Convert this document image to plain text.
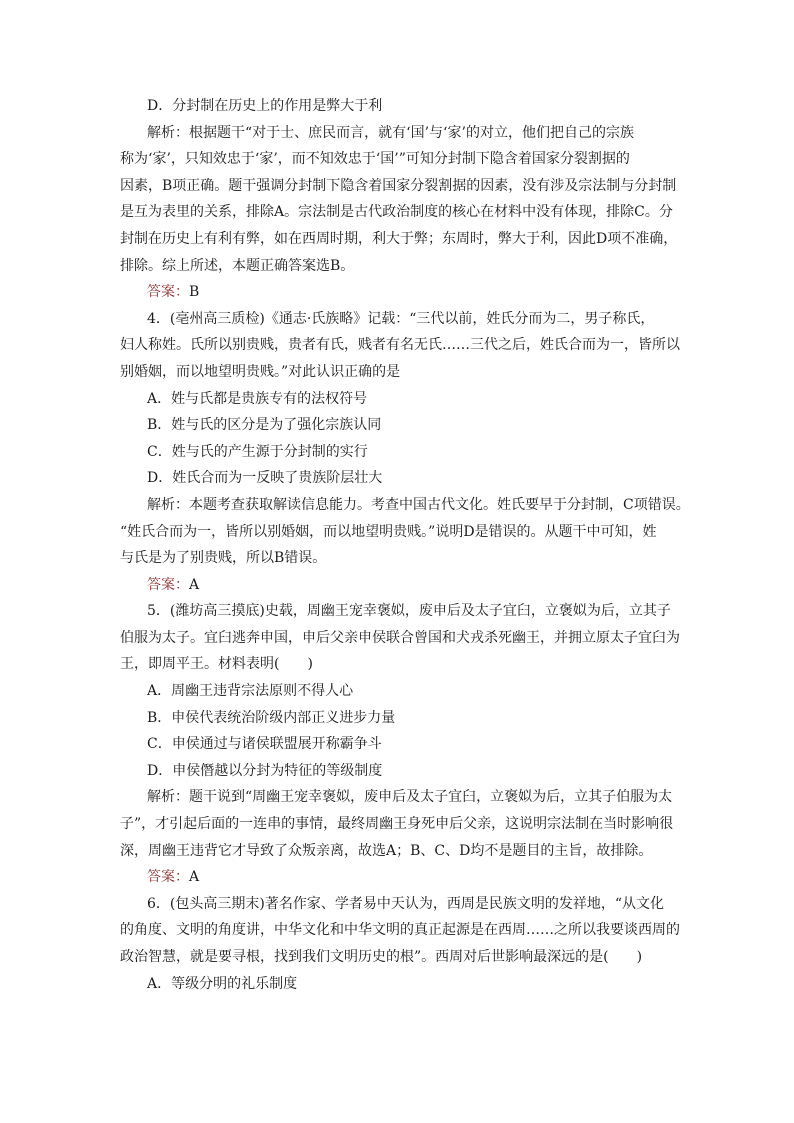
D．分封制在历史上的作用是弊大于利
解析：根据题干“对于士、庶民而言，就有‘国’与‘家’的对立，他们把自己的宗族
称为‘家’，只知效忠于‘家’，而不知效忠于‘国’”可知分封制下隐含着国家分裂割据的
因素，B项正确。题干强调分封制下隐含着国家分裂割据的因素，没有涉及宗法制与分封制
是互为表里的关系，排除A。宗法制是古代政治制度的核心在材料中没有体现，排除C。分
封制在历史上有利有弊，如在西周时期，利大于弊；东周时，弊大于利，因此D项不准确，
排除。综上所述，本题正确答案选B。
答案：B
4．(亳州高三质检)《通志·氏族略》记载：“三代以前，姓氏分而为二，男子称氏，
妇人称姓。氏所以别贵贱，贵者有氏，贱者有名无氏……三代之后，姓氏合而为一，皆所以
别婚姻，而以地望明贵贱。”对此认识正确的是
A．姓与氏都是贵族专有的法权符号
B．姓与氏的区分是为了强化宗族认同
C．姓与氏的产生源于分封制的实行
D．姓氏合而为一反映了贵族阶层壮大
解析：本题考查获取解读信息能力。考查中国古代文化。姓氏要早于分封制，C项错误。
“姓氏合而为一，皆所以别婚姻，而以地望明贵贱。”说明D是错误的。从题干中可知，姓
与氏是为了别贵贱，所以B错误。
答案：A
5．(潍坊高三摸底)史载，周幽王宠幸褒姒，废申后及太子宜臼，立褒姒为后，立其子
伯服为太子。宜臼逃奔申国，申后父亲申侯联合曾国和犬戎杀死幽王，并拥立原太子宜臼为
王，即周平王。材料表明(　　)
A．周幽王违背宗法原则不得人心
B．申侯代表统治阶级内部正义进步力量
C．申侯通过与诸侯联盟展开称霸争斗
D．申侯僭越以分封为特征的等级制度
解析：题干说到“周幽王宠幸褒姒，废申后及太子宜臼，立褒姒为后，立其子伯服为太
子”，才引起后面的一连串的事情，最终周幽王身死申后父亲，这说明宗法制在当时影响很
深，周幽王违背它才导致了众叛亲离，故选A；B、C、D均不是题目的主旨，故排除。
答案：A
6．(包头高三期末)著名作家、学者易中天认为，西周是民族文明的发祥地，“从文化
的角度、文明的角度讲，中华文化和中华文明的真正起源是在西周……之所以我要谈西周的
政治智慧，就是要寻根，找到我们文明历史的根”。西周对后世影响最深远的是(　　)
A．等级分明的礼乐制度
